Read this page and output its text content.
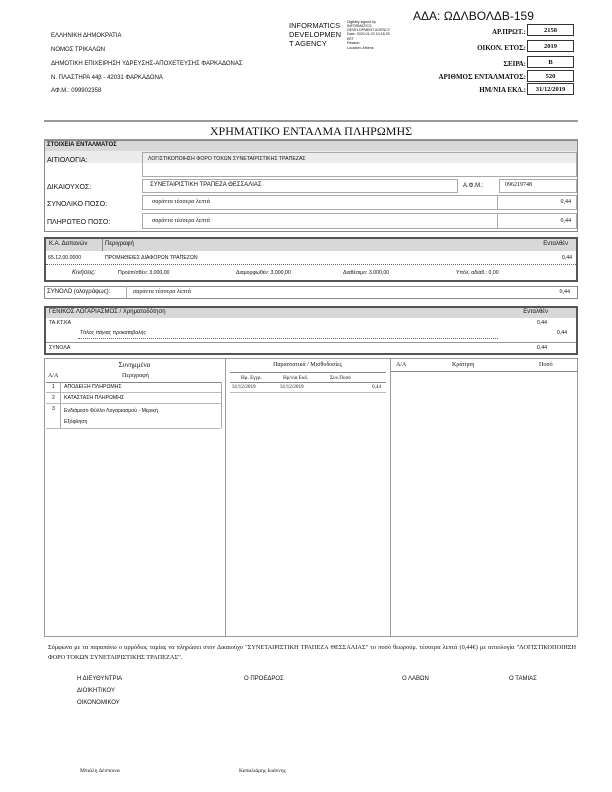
ΑΔΑ: ΩΔΛΒΟΛΔΒ-159
ΕΛΛΗΝΙΚΗ ΔΗΜΟΚΡΑΤΙΑ
ΝΟΜΟΣ ΤΡΙΚΑΛΩΝ
ΔΗΜΟΤΙΚΗ ΕΠΙΧΕΙΡΗΣΗ ΥΔΡΕΥΣΗΣ-ΑΠΟΧΕΤΕΥΣΗΣ ΦΑΡΚΑΔΟΝΑΣ
Ν. ΠΛΑΣΤΗΡΑ 44β - 42031 ΦΑΡΚΑΔΟΝΑ
ΑΦ.Μ.: 099902358
INFORMATICS
DEVELOPMEN
T AGENCY
Digitally signed by
INFORMATICS
DEVELOPMENT AGENCY
Date: 2020.01.03 10:18:25
EET
Reason:
Location: Athens
ΑΡ.ΠΡΩΤ.:	2158
ΟΙΚΟΝ. ΕΤΟΣ:	2019
ΣΕΙΡΑ:	Β
ΑΡΙΘΜΟΣ ΕΝΤΑΛΜΑΤΟΣ:	520
ΗΜ/ΝΙΑ ΕΚΔ.:	31/12/2019
ΧΡΗΜΑΤΙΚΟ ΕΝΤΑΛΜΑ ΠΛΗΡΩΜΗΣ
ΣΤΟΙΧΕΙΑ ΕΝΤΑΛΜΑΤΟΣ
ΑΙΤΙΟΛΟΓΙΑ:	ΛΟΓΙΣΤΙΚΟΠΟΙΗΣΗ ΦΟΡΟ ΤΟΚΩΝ ΣΥΝΕΤΑΙΡΙΣΤΙΚΗΣ ΤΡΑΠΕΖΑΣ
ΔΙΚΑΙΟΥΧΟΣ:	ΣΥΝΕΤΑΙΡΙΣΤΙΚΗ ΤΡΑΠΕΖΑ ΘΕΣΣΑΛΙΑΣ	Α.Φ.Μ.:	096219748
ΣΥΝΟΛΙΚΟ ΠΟΣΟ:	σαράντα τέσσερα λεπτά	0,44
ΠΛΗΡΩΤΕΟ ΠΟΣΟ:	σαράντα τέσσερα λεπτά	0,44
Κ.Α. Δαπανών	Περιγραφή	Ενταλθέν
65.12.00.0000	ΠΡΟΜΗΘΕΙΕΣ ΔΙΑΦΟΡΩΝ ΤΡΑΠΕΖΩΝ	0,44
Κινήσεις:	Προϋπ/σθέν: 3.000,00	Διαμορφωθέν: 3.000,00	Διαθέσιμο: 3.000,00	Υπόλ. αδιάθ.: 0,00
ΣΥΝΟΛΟ (ολογράφως):	σαράντα τέσσερα λεπτά	0,44
ΓΕΝΙΚΟΣ ΛΟΓΑΡΙΑΣΜΟΣ / Χρηματοδότηση	Ενταλθέν
ΤΑ.ΚΤ.ΚΑ	0,44
Τίτλος πάγιας προκαταβολής	0,44
ΣΥΝΟΛΑ	0,44
Συνημμένα
Α/Α	Περιγραφή
1 ΑΠΟΔΕΙΞΗ ΠΛΗΡΩΜΗΣ
2 ΚΑΤΑΣΤΑΣΗ ΠΛΗΡΩΜΗΣ
3 Ενδιάμεσο Φύλλο Λογαριασμού - Μερική Εξόφληση
Παραστατικά / Μισθοδοσίες
Ημ. Εγγρ.	Ημ/νία Εκδ.	Συν.Ποσό
31/12/2019	31/12/2019	0,44
Α/Α	Κράτηση	Ποσό
Σύμφωνα με τα παραπάνω ο αρμόδιος ταμίας να πληρώσει στον Δικαιούχο "ΣΥΝΕΤΑΙΡΙΣΤΙΚΗ ΤΡΑΠΕΖΑ ΘΕΣΣΑΛΙΑΣ" το ποσό θεωρούμ. τέσσερα λεπτά (0,44€) με αιτιολογία "ΛΟΓΙΣΤΙΚΟΠΟΙΗΣΗ ΦΟΡΟ ΤΟΚΩΝ ΣΥΝΕΤΑΙΡΙΣΤΙΚΗΣ ΤΡΑΠΕΖΑΣ".
Η ΔΙΕΥΘΥΝΤΡΙΑ
ΔΙΟΙΚΗΤΙΚΟΥ
ΟΙΚΟΝΟΜΙΚΟΥ
Ο ΠΡΟΕΔΡΟΣ	Ο ΛΑΒΩΝ	Ο ΤΑΜΙΑΣ
Μπιάλη Δέσποινα	Καπαλιάρης Ιωάννης
